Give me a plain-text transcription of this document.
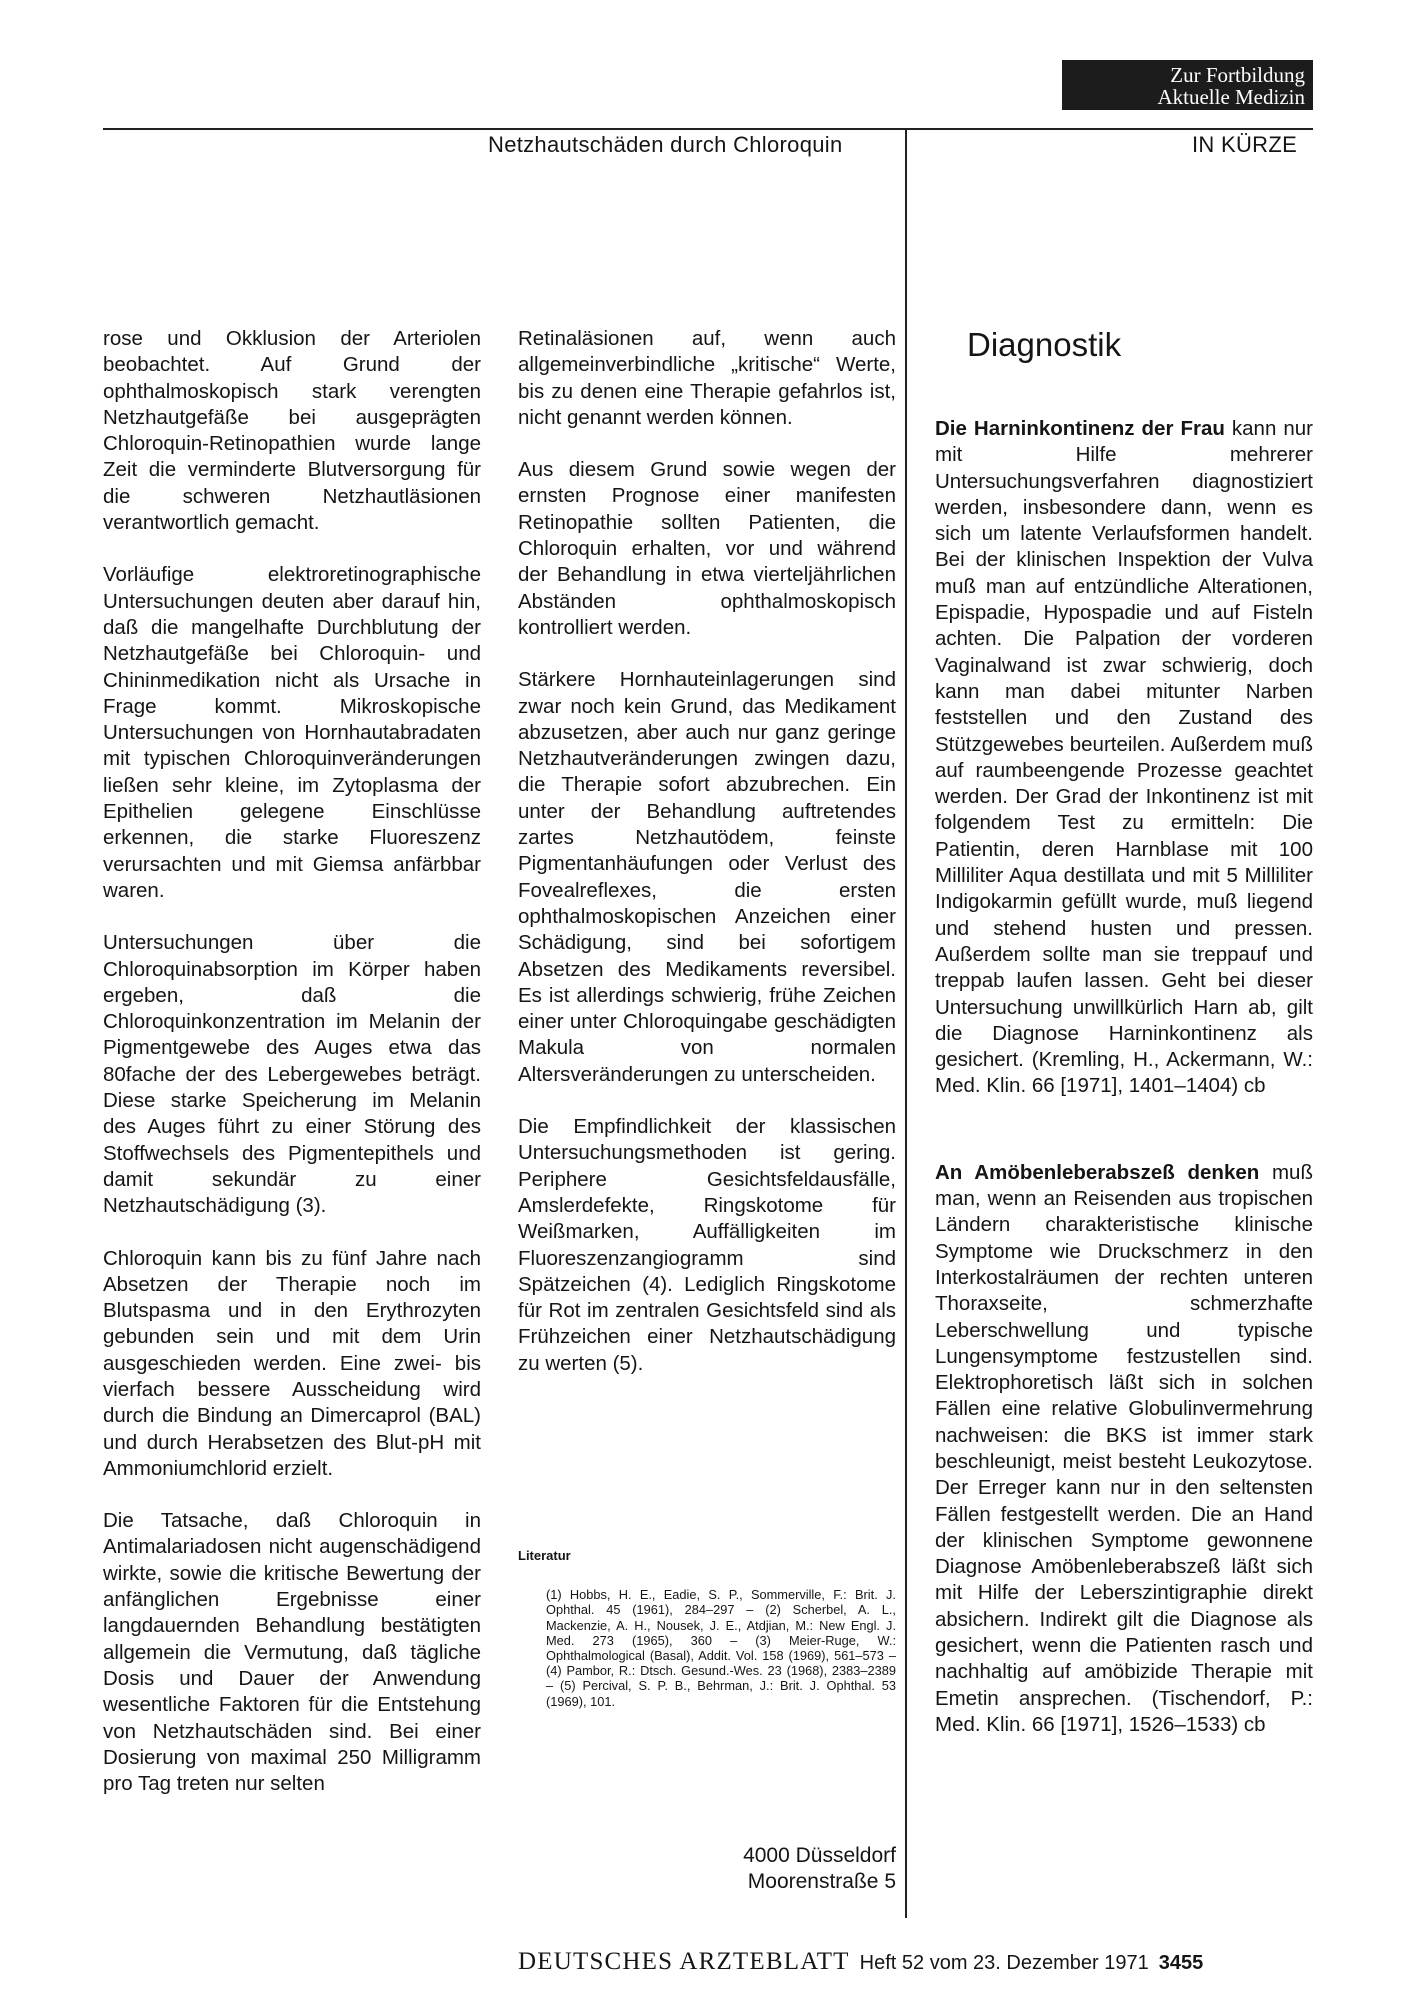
Zur Fortbildung
Aktuelle Medizin
Netzhautschäden durch Chloroquin	IN KÜRZE

rose und Okklusion der Arteriolen beobachtet. Auf Grund der ophthalmoskopisch stark verengten Netzhautgefäße bei ausgeprägten Chloroquin-Retinopathien wurde lange Zeit die verminderte Blutversorgung für die schweren Netzhautläsionen verantwortlich gemacht.

Vorläufige elektroretinographische Untersuchungen deuten aber darauf hin, daß die mangelhafte Durchblutung der Netzhautgefäße bei Chloroquin- und Chininmedikation nicht als Ursache in Frage kommt. Mikroskopische Untersuchungen von Hornhautabradaten mit typischen Chloroquinveränderungen ließen sehr kleine, im Zytoplasma der Epithelien gelegene Einschlüsse erkennen, die starke Fluoreszenz verursachten und mit Giemsa anfärbbar waren.

Untersuchungen über die Chloroquinabsorption im Körper haben ergeben, daß die Chloroquinkonzentration im Melanin der Pigmentgewebe des Auges etwa das 80fache der des Lebergewebes beträgt. Diese starke Speicherung im Melanin des Auges führt zu einer Störung des Stoffwechsels des Pigmentepithels und damit sekundär zu einer Netzhautschädigung (3).

Chloroquin kann bis zu fünf Jahre nach Absetzen der Therapie noch im Blutspasma und in den Erythrozyten gebunden sein und mit dem Urin ausgeschieden werden. Eine zwei- bis vierfach bessere Ausscheidung wird durch die Bindung an Dimercaprol (BAL) und durch Herabsetzen des Blut-pH mit Ammoniumchlorid erzielt.

Die Tatsache, daß Chloroquin in Antimalariadosen nicht augenschädigend wirkte, sowie die kritische Bewertung der anfänglichen Ergebnisse einer langdauernden Behandlung bestätigten allgemein die Vermutung, daß tägliche Dosis und Dauer der Anwendung wesentliche Faktoren für die Entstehung von Netzhautschäden sind. Bei einer Dosierung von maximal 250 Milligramm pro Tag treten nur selten

Retinaläsionen auf, wenn auch allgemeinverbindliche „kritische“ Werte, bis zu denen eine Therapie gefahrlos ist, nicht genannt werden können.

Aus diesem Grund sowie wegen der ernsten Prognose einer manifesten Retinopathie sollten Patienten, die Chloroquin erhalten, vor und während der Behandlung in etwa vierteljährlichen Abständen ophthalmoskopisch kontrolliert werden.

Stärkere Hornhauteinlagerungen sind zwar noch kein Grund, das Medikament abzusetzen, aber auch nur ganz geringe Netzhautveränderungen zwingen dazu, die Therapie sofort abzubrechen. Ein unter der Behandlung auftretendes zartes Netzhautödem, feinste Pigmentanhäufungen oder Verlust des Fovealreflexes, die ersten ophthalmoskopischen Anzeichen einer Schädigung, sind bei sofortigem Absetzen des Medikaments reversibel. Es ist allerdings schwierig, frühe Zeichen einer unter Chloroquingabe geschädigten Makula von normalen Altersveränderungen zu unterscheiden.

Die Empfindlichkeit der klassischen Untersuchungsmethoden ist gering. Periphere Gesichtsfeldausfälle, Amslerdefekte, Ringskotome für Weißmarken, Auffälligkeiten im Fluoreszenzangiogramm sind Spätzeichen (4). Lediglich Ringskotome für Rot im zentralen Gesichtsfeld sind als Frühzeichen einer Netzhautschädigung zu werten (5).

Literatur
(1) Hobbs, H. E., Eadie, S. P., Sommerville, F.: Brit. J. Ophthal. 45 (1961), 284–297 – (2) Scherbel, A. L., Mackenzie, A. H., Nousek, J. E., Atdjian, M.: New Engl. J. Med. 273 (1965), 360 – (3) Meier-Ruge, W.: Ophthalmological (Basal), Addit. Vol. 158 (1969), 561–573 – (4) Pambor, R.: Dtsch. Gesund.-Wes. 23 (1968), 2383–2389 – (5) Percival, S. P. B., Behrman, J.: Brit. J. Ophthal. 53 (1969), 101.
4000 Düsseldorf
Moorenstraße 5
Diagnostik

Die Harninkontinenz der Frau kann nur mit Hilfe mehrerer Untersuchungsverfahren diagnostiziert werden, insbesondere dann, wenn es sich um latente Verlaufsformen handelt. Bei der klinischen Inspektion der Vulva muß man auf entzündliche Alterationen, Epispadie, Hypospadie und auf Fisteln achten. Die Palpation der vorderen Vaginalwand ist zwar schwierig, doch kann man dabei mitunter Narben feststellen und den Zustand des Stützgewebes beurteilen. Außerdem muß auf raumbeengende Prozesse geachtet werden. Der Grad der Inkontinenz ist mit folgendem Test zu ermitteln: Die Patientin, deren Harnblase mit 100 Milliliter Aqua destillata und mit 5 Milliliter Indigokarmin gefüllt wurde, muß liegend und stehend husten und pressen. Außerdem sollte man sie treppauf und treppab laufen lassen. Geht bei dieser Untersuchung unwillkürlich Harn ab, gilt die Diagnose Harninkontinenz als gesichert. (Kremling, H., Ackermann, W.: Med. Klin. 66 [1971], 1401–1404) cb

An Amöbenleberabszeß denken muß man, wenn an Reisenden aus tropischen Ländern charakteristische klinische Symptome wie Druckschmerz in den Interkostalräumen der rechten unteren Thoraxseite, schmerzhafte Leberschwellung und typische Lungensymptome festzustellen sind. Elektrophoretisch läßt sich in solchen Fällen eine relative Globulinvermehrung nachweisen: die BKS ist immer stark beschleunigt, meist besteht Leukozytose. Der Erreger kann nur in den seltensten Fällen festgestellt werden. Die an Hand der klinischen Symptome gewonnene Diagnose Amöbenleberabszeß läßt sich mit Hilfe der Leberszintigraphie direkt absichern. Indirekt gilt die Diagnose als gesichert, wenn die Patienten rasch und nachhaltig auf amöbizide Therapie mit Emetin ansprechen. (Tischendorf, P.: Med. Klin. 66 [1971], 1526–1533) cb

DEUTSCHES ARZTEBLATT Heft 52 vom 23. Dezember 1971 3455
